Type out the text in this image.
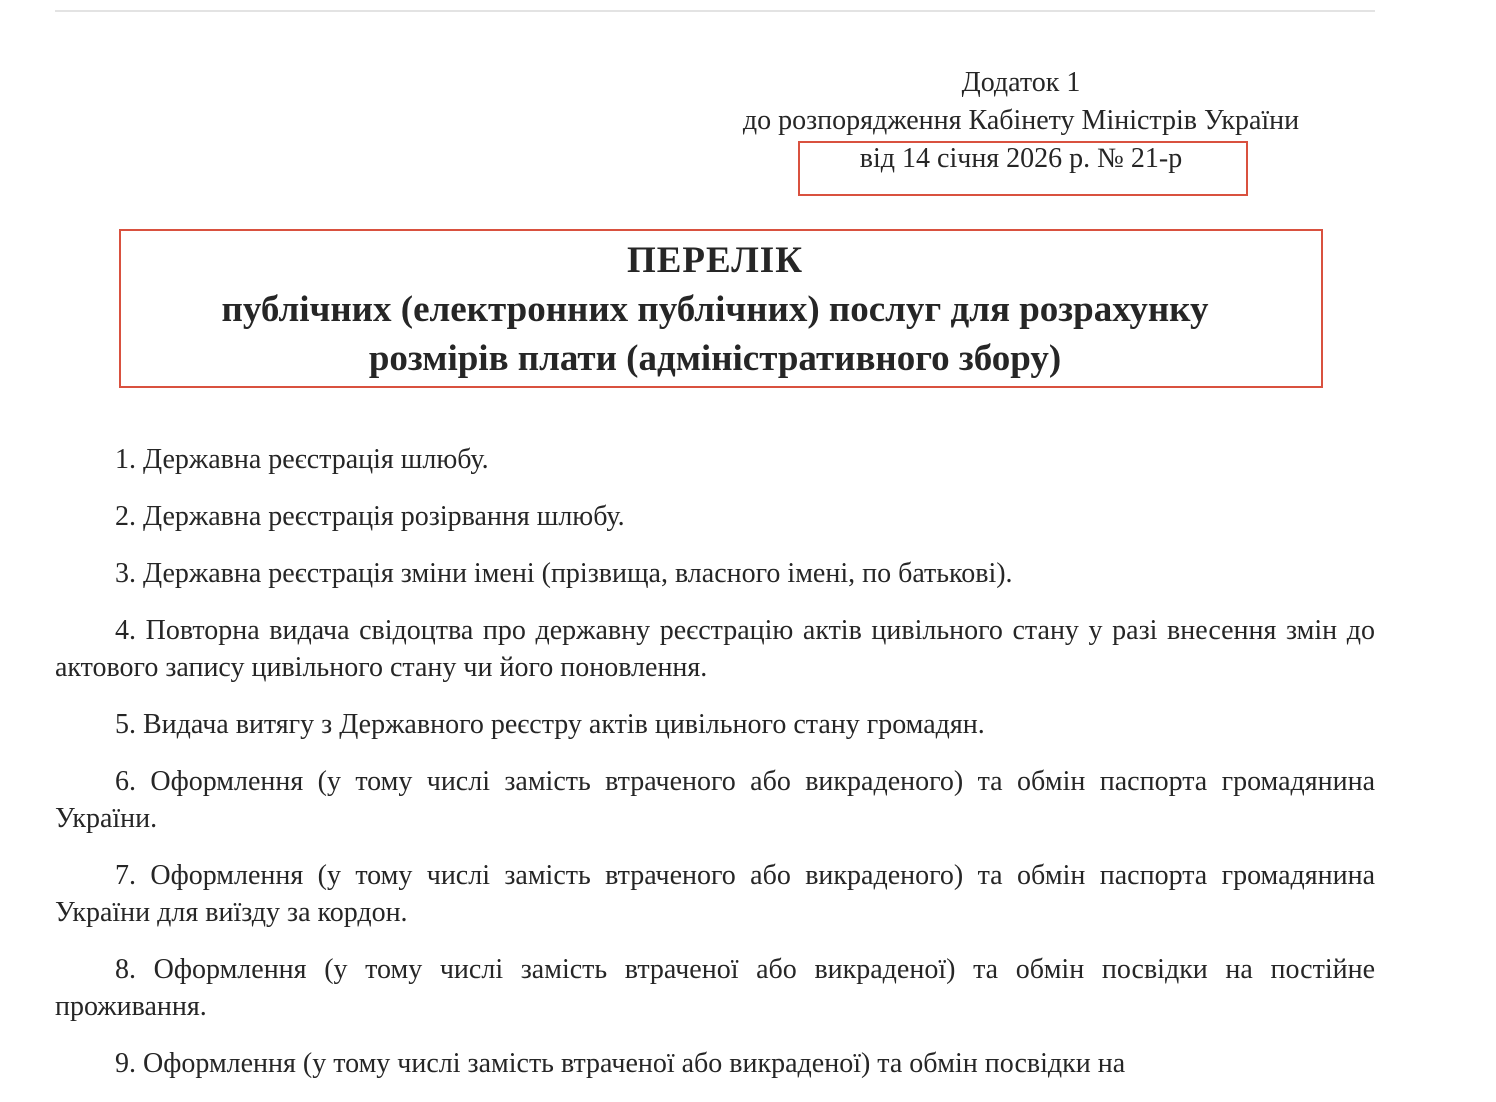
Додаток 1
до розпорядження Кабінету Міністрів України
від 14 січня 2026 р. № 21-р
ПЕРЕЛІК
публічних (електронних публічних) послуг для розрахунку
розмірів плати (адміністративного збору)

1. Державна реєстрація шлюбу.

2. Державна реєстрація розірвання шлюбу.

3. Державна реєстрація зміни імені (прізвища, власного імені, по батькові).

4. Повторна видача свідоцтва про державну реєстрацію актів цивільного стану у разі внесення змін до актового запису цивільного стану чи його поновлення.

5. Видача витягу з Державного реєстру актів цивільного стану громадян.

6. Оформлення (у тому числі замість втраченого або викраденого) та обмін паспорта громадянина України.

7. Оформлення (у тому числі замість втраченого або викраденого) та обмін паспорта громадянина України для виїзду за кордон.

8. Оформлення (у тому числі замість втраченої або викраденої) та обмін посвідки на постійне проживання.

9. Оформлення (у тому числі замість втраченої або викраденої) та обмін посвідки на
